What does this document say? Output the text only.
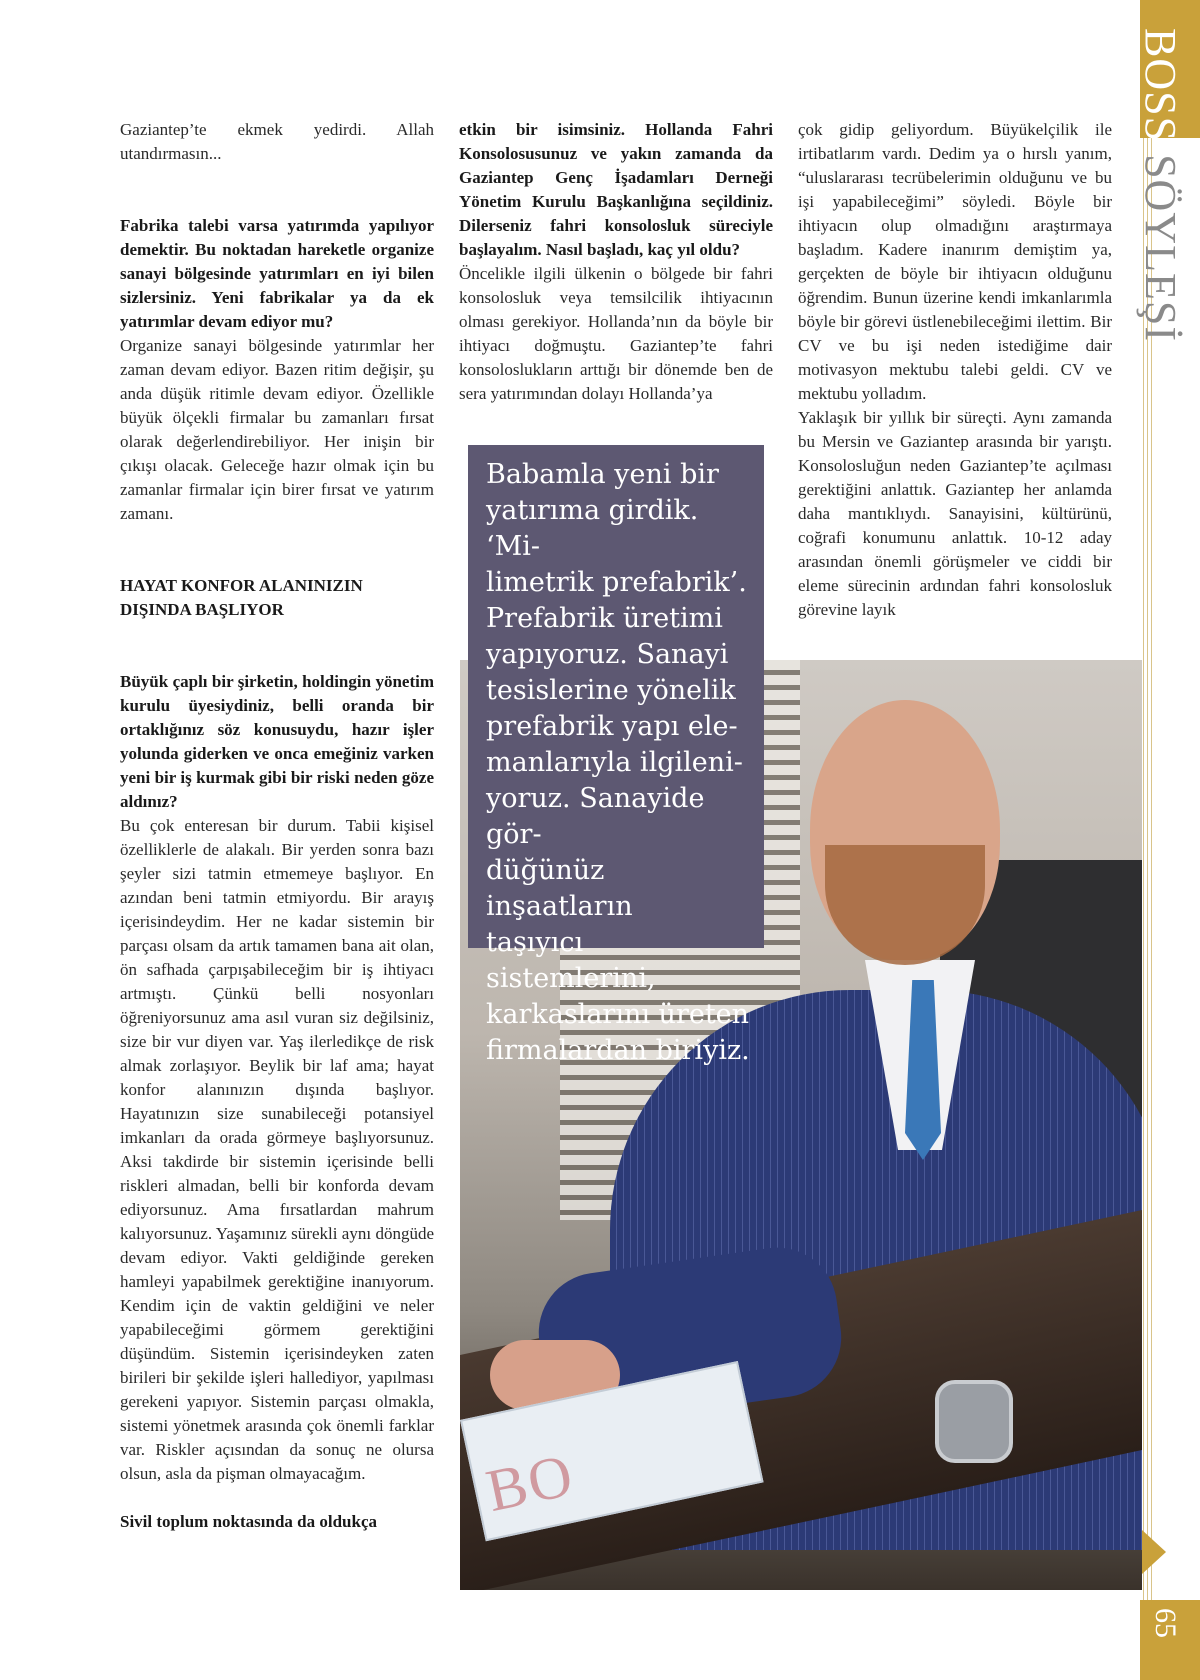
Gaziantep’te ekmek yedirdi. Allah utandırmasın...

Fabrika talebi varsa yatırımda yapılıyor demektir. Bu noktadan hareketle organize sanayi bölgesinde yatırımları en iyi bilen sizlersiniz. Yeni fabrikalar ya da ek yatırımlar devam ediyor mu?

Organize sanayi bölgesinde yatırımlar her zaman devam ediyor. Bazen ritim değişir, şu anda düşük ritimle devam ediyor. Özellikle büyük ölçekli firmalar bu zamanları fırsat olarak değerlendirebiliyor. Her inişin bir çıkışı olacak. Geleceğe hazır olmak için bu zamanlar firmalar için birer fırsat ve yatırım zamanı.

HAYAT KONFOR ALANINIZIN DIŞINDA BAŞLIYOR

Büyük çaplı bir şirketin, holdingin yönetim kurulu üyesiydiniz, belli oranda bir ortaklığınız söz konusuydu, hazır işler yolunda giderken ve onca emeğiniz varken yeni bir iş kurmak gibi bir riski neden göze aldınız?

Bu çok enteresan bir durum. Tabii kişisel özelliklerle de alakalı. Bir yerden sonra bazı şeyler sizi tatmin etmemeye başlıyor. En azından beni tatmin etmiyordu. Bir arayış içerisindeydim. Her ne kadar sistemin bir parçası olsam da artık tamamen bana ait olan, ön safhada çarpışabileceğim bir iş ihtiyacı artmıştı. Çünkü belli nosyonları öğreniyorsunuz ama asıl vuran siz değilsiniz, size bir vur diyen var. Yaş ilerledikçe de risk almak zorlaşıyor. Beylik bir laf ama; hayat konfor alanınızın dışında başlıyor. Hayatınızın size sunabileceği potansiyel imkanları da orada görmeye başlıyorsunuz. Aksi takdirde bir sistemin içerisinde belli riskleri almadan, belli bir konforda devam ediyorsunuz. Ama fırsatlardan mahrum kalıyorsunuz. Yaşamınız sürekli aynı döngüde devam ediyor. Vakti geldiğinde gereken hamleyi yapabilmek gerektiğine inanıyorum. Kendim için de vaktin geldiğini ve neler yapabileceğimi görmem gerektiğini düşündüm. Sistemin içerisindeyken zaten birileri bir şekilde işleri hallediyor, yapılması gerekeni yapıyor. Sistemin parçası olmakla, sistemi yönetmek arasında çok önemli farklar var. Riskler açısından da sonuç ne olursa olsun, asla da pişman olmayacağım.

Sivil toplum noktasında da oldukça

etkin bir isimsiniz. Hollanda Fahri Konsolosusunuz ve yakın zamanda da Gaziantep Genç İşadamları Derneği Yönetim Kurulu Başkanlığına seçildiniz. Dilerseniz fahri konsolosluk süreciyle başlayalım. Nasıl başladı, kaç yıl oldu?

Öncelikle ilgili ülkenin o bölgede bir fahri konsolosluk veya temsilcilik ihtiyacının olması gerekiyor. Hollanda’nın da böyle bir ihtiyacı doğmuştu. Gaziantep’te fahri konsoloslukların arttığı bir dönemde ben de sera yatırımından dolayı Hollanda’ya

çok gidip geliyordum. Büyükelçilik ile irtibatlarım vardı. Dedim ya o hırslı yanım, “uluslararası tecrübelerimin olduğunu ve bu işi yapabileceğimi” söyledi. Böyle bir ihtiyacın olup olmadığını araştırmaya başladım. Kadere inanırım demiştim ya, gerçekten de böyle bir ihtiyacın olduğunu öğrendim. Bunun üzerine kendi imkanlarımla böyle bir görevi üstlenebileceğimi ilettim. Bir CV ve bu işi neden istediğime dair motivasyon mektubu talebi geldi. CV ve mektubu yolladım.

Yaklaşık bir yıllık bir süreçti. Aynı zamanda bu Mersin ve Gaziantep arasında bir yarıştı. Konsolosluğun neden Gaziantep’te açılması gerektiğini anlattık. Gaziantep her anlamda daha mantıklıydı. Sanayisini, kültürünü, coğrafi konumunu anlattık. 10-12 aday arasından önemli görüşmeler ve ciddi bir eleme sürecinin ardından fahri konsolosluk görevine layık

BO

Babamla yeni bir
yatırıma girdik. ‘Mi-
limetrik prefabrik’.
Prefabrik üretimi
yapıyoruz. Sanayi
tesislerine yönelik
prefabrik yapı ele-
manlarıyla ilgileni-
yoruz. Sanayide gör-
düğünüz inşaatların
taşıyıcı sistemlerini,
karkaslarını üreten
firmalardan biriyiz.

BOSS SÖYLEŞİ
65
